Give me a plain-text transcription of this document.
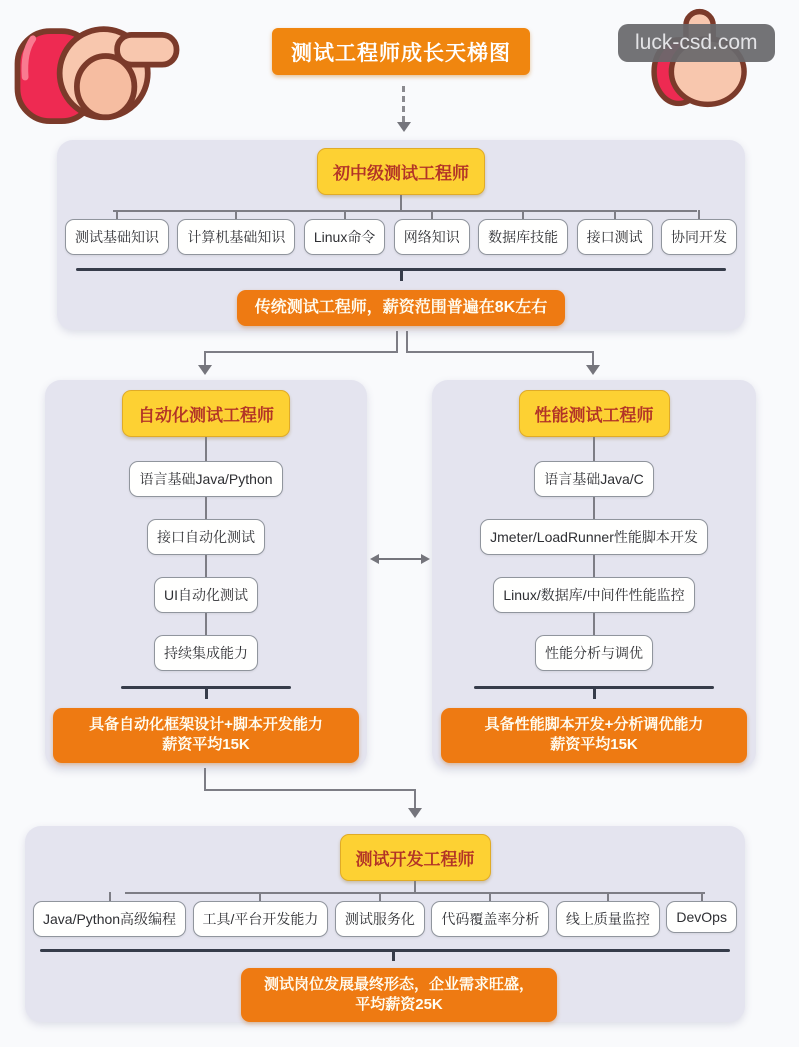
测试工程师成长天梯图	luck-csd.com
初中级测试工程师
测试基础知识	计算机基础知识	Linux命令	网络知识	数据库技能	接口测试	协同开发
传统测试工程师，薪资范围普遍在8K左右
自动化测试工程师
语言基础Java/Python
接口自动化测试
UI自动化测试
持续集成能力
具备自动化框架设计+脚本开发能力
薪资平均15K
性能测试工程师
语言基础Java/C
Jmeter/LoadRunner性能脚本开发
Linux/数据库/中间件性能监控
性能分析与调优
具备性能脚本开发+分析调优能力
薪资平均15K
测试开发工程师
Java/Python高级编程	工具/平台开发能力	测试服务化	代码覆盖率分析	线上质量监控	DevOps
测试岗位发展最终形态，企业需求旺盛，
平均薪资25K
